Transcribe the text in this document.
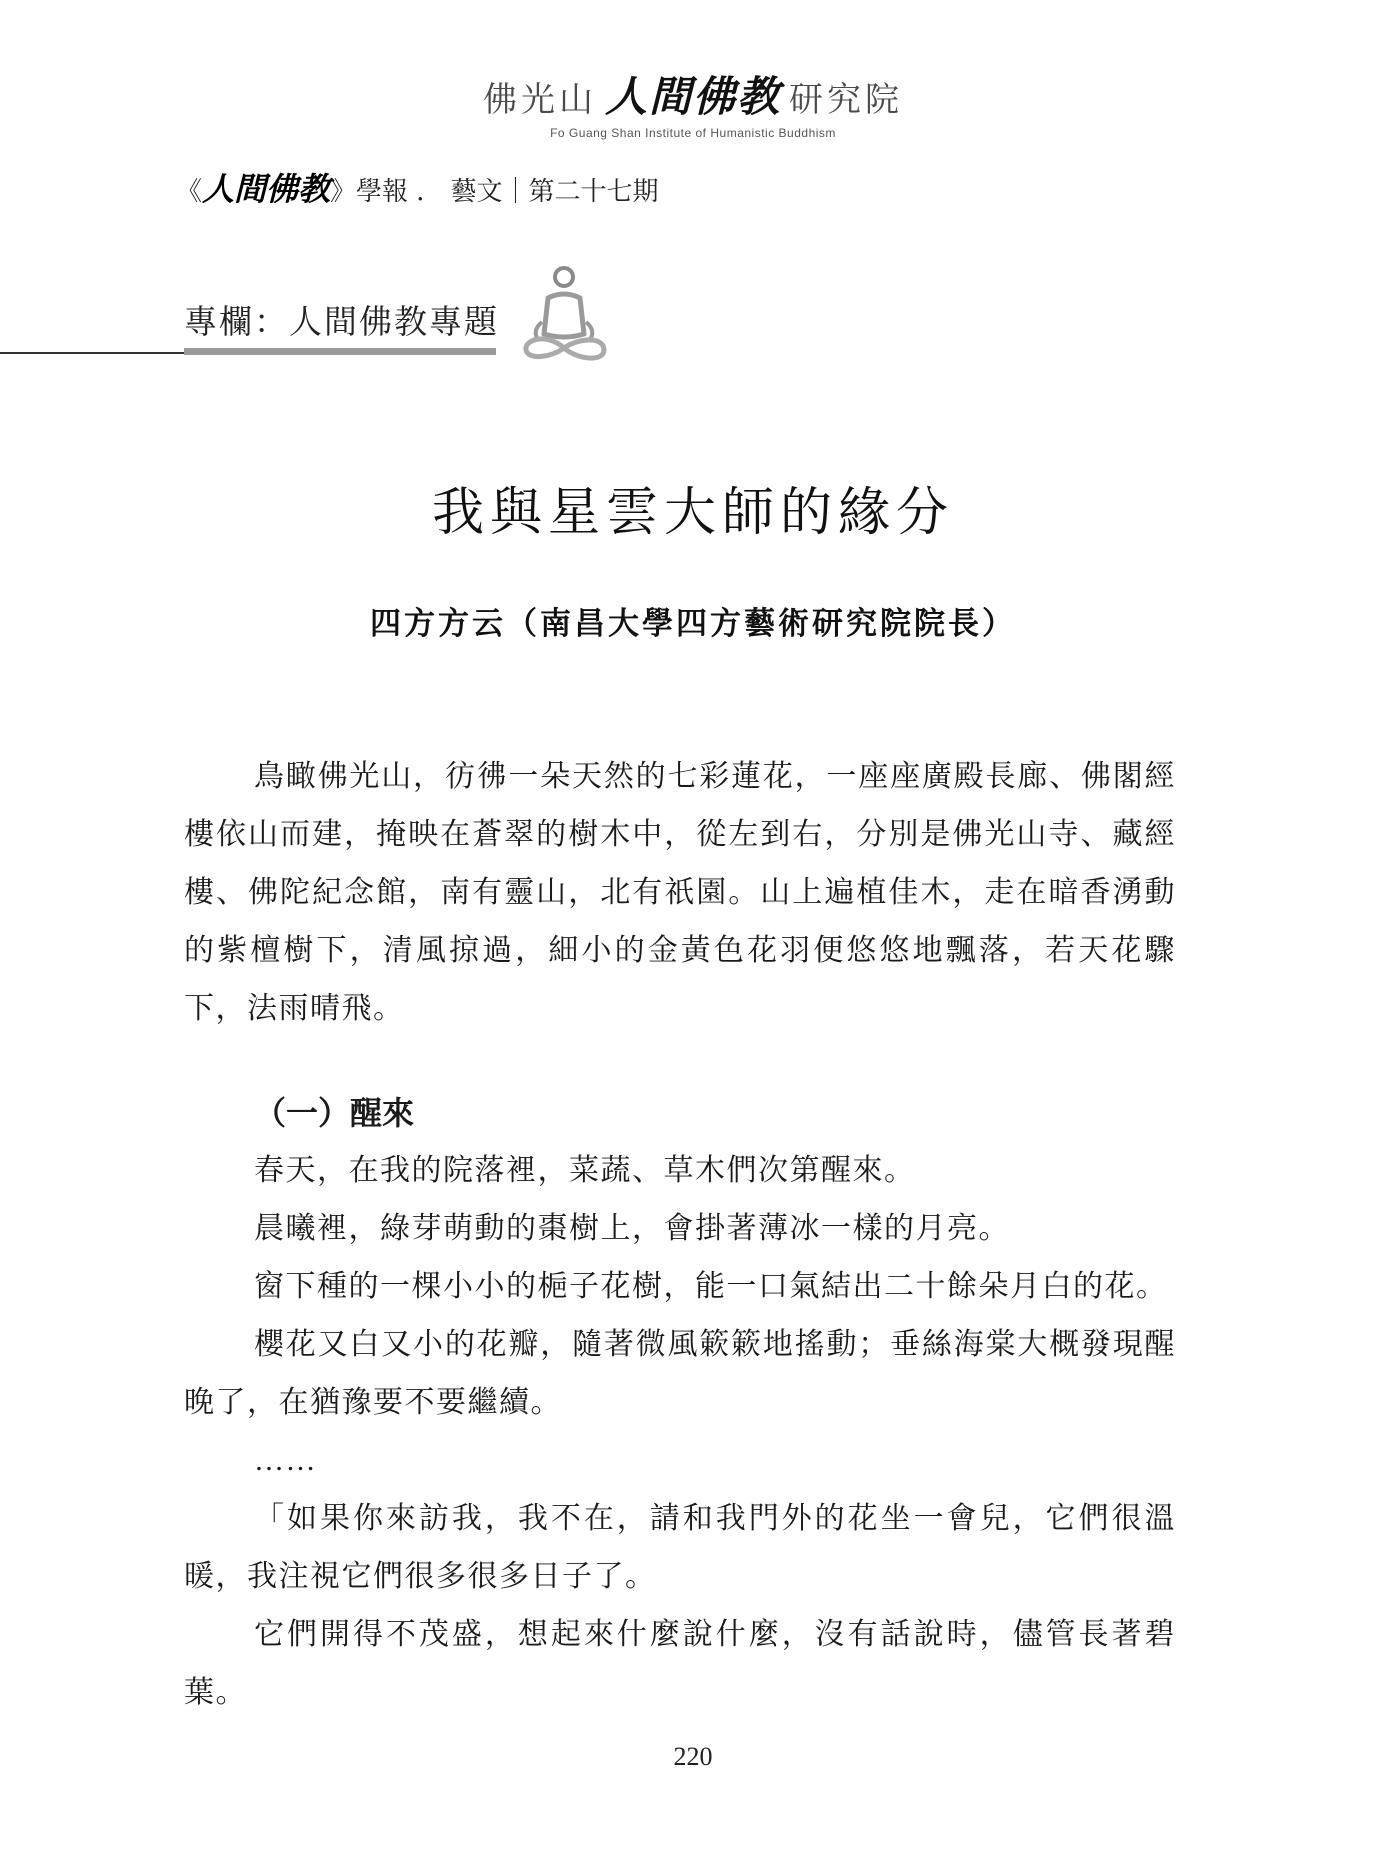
佛光山 人間佛教 研究院
Fo Guang Shan Institute of Humanistic Buddhism
《人間佛教》學報 ． 藝文｜第二十七期
專欄：人間佛教專題
我與星雲大師的緣分
四方方云（南昌大學四方藝術研究院院長）

鳥瞰佛光山，彷彿一朵天然的七彩蓮花，一座座廣殿長廊、佛閣經樓依山而建，掩映在蒼翠的樹木中，從左到右，分別是佛光山寺、藏經樓、佛陀紀念館，南有靈山，北有祇園。山上遍植佳木，走在暗香湧動的紫檀樹下，清風掠過，細小的金黃色花羽便悠悠地飄落，若天花驟下，法雨晴飛。

（一）醒來

春天，在我的院落裡，菜蔬、草木們次第醒來。

晨曦裡，綠芽萌動的棗樹上，會掛著薄冰一樣的月亮。

窗下種的一棵小小的梔子花樹，能一口氣結出二十餘朵月白的花。

櫻花又白又小的花瓣，隨著微風簌簌地搖動；垂絲海棠大概發現醒晚了，在猶豫要不要繼續。

……

「如果你來訪我，我不在，請和我門外的花坐一會兒，它們很溫暖，我注視它們很多很多日子了。

它們開得不茂盛，想起來什麼說什麼，沒有話說時，儘管長著碧葉。

220
